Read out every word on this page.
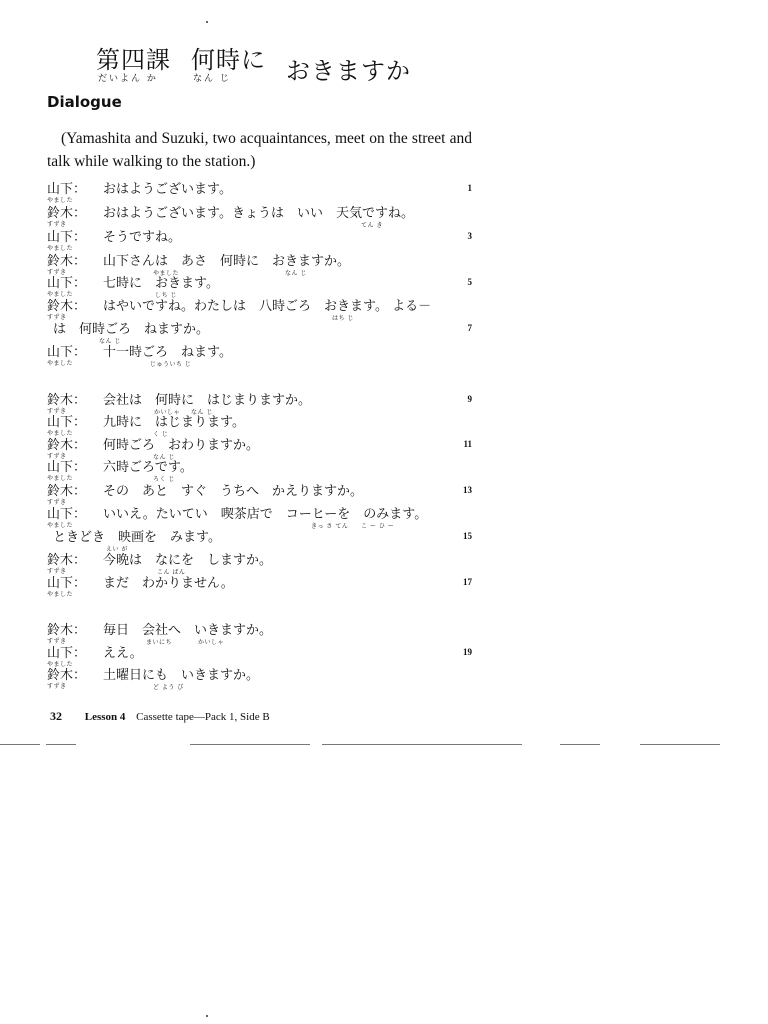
第四課
だいよん か
何時に
なん じ おきますか
Dialogue
(Yamashita and Suzuki, two acquaintances, meet on the street and talk while walking to the station.)
山下：
やました
おはようございます。	1
鈴木：
すずき
おはようございます。きょうは　いい　天気ですね。
てん き
山下：
やました
そうですね。	3
鈴木：
すずき
山下さんは　あさ　何時に　おきますか。
やました	なん じ
山下：
やました
七時に　おきます。
しち じ
5
鈴木：
すずき
はやいですね。わたしは　八時ごろ　おきます。 よる－
はち じ
は　何時ごろ　ねますか。
なん じ
7
山下：
やました
十一時ごろ　ねます。
じゅういち じ
鈴木：
すずき
会社は　何時に　はじまりますか。
かいしゃ なん じ
9
山下：
やました
九時に　はじまります。
く じ
鈴木：
すずき
何時ごろ　おわりますか。
なん じ
11
山下：
やました
六時ごろです。
ろく じ
鈴木：
すずき
その　あと　すぐ　うちへ　かえりますか。	13
山下：
やました
いいえ。たいてい　喫茶店で　コーヒーを　のみます。
きっ さ てん こ ー ひ ー
ときどき　映画を　みます。
えい が
15
鈴木：
すずき
今晩は　なにを　しますか。
こん ばん
山下：
やました
まだ　わかりません。	17
鈴木：
すずき
毎日　会社へ　いきますか。
まいにち	かいしゃ
山下：
やました
ええ。	19
鈴木：
すずき
土曜日にも　いきますか。
ど よう び
32 Lesson 4 Cassette tape—Pack 1, Side B
